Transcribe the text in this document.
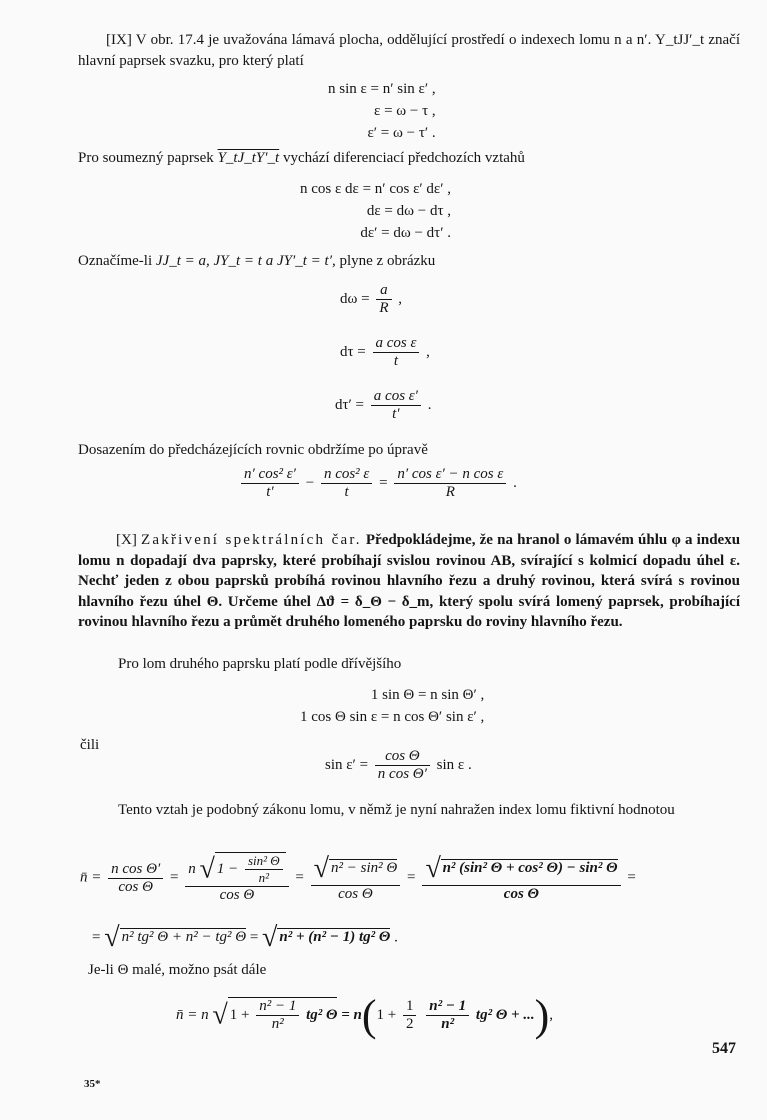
[IX] V obr. 17.4 je uvažována lámavá plocha, oddělující prostředí o indexech lomu n a n′. Y_tJJ′_t značí hlavní paprsek svazku, pro který platí
n sin ε = n′ sin ε′ ,
ε = ω − τ ,
ε′ = ω − τ′ .
Pro soumezný paprsek Y_tJ_tY′_t vychází diferenciací předchozích vztahů
n cos ε dε = n′ cos ε′ dε′ ,
dε = dω − dτ ,
dε′ = dω − dτ′ .
Označíme-li JJ_t = a, JY_t = t a JY′_t = t′, plyne z obrázku
$d\omega = \frac{a}{R}$ ,
$d\tau = \frac{\text{a cos ε}}{t}$ ,
$d\tau' = \frac{\text{a cos ε′}}{t'}$ .
Dosazením do předcházejících rovnic obdržíme po úpravě
$\frac{\text{n′ cos² ε′}}{t'} - \frac{\text{n cos² ε}}{t} = \frac{\text{n′ cos ε′ − n cos ε}}{R}$ .
[X] Zakřivení spektrálních čar. Předpokládejme, že na hranol o lámavém úhlu φ a indexu lomu n dopadají dva paprsky, které probíhají svislou rovinou AB, svírající s kolmicí dopadu úhel ε. Nechť jeden z obou paprsků probíhá rovinou hlavního řezu a druhý rovinou, která svírá s rovinou hlavního řezu úhel Θ. Určeme úhel Δϑ = δ_Θ − δ_m, který spolu svírá lomený paprsek, probíhající rovinou hlavního řezu a průmět druhého lomeného paprsku do roviny hlavního řezu.
Pro lom druhého paprsku platí podle dřívějšího
1 sin Θ = n sin Θ′ ,
1 cos Θ sin ε = n cos Θ′ sin ε′ ,
čili
$\sin \varepsilon' = \frac{\text{cos Θ}}{\text{n cos Θ′}}$ sin ε .
Tento vztah je podobný zákonu lomu, v němž je nyní nahražen index lomu fiktivní hodnotou
n̄ = $\frac{\text{n cos Θ′}}{\text{cos Θ}} = \frac{n √ 1 - \frac{\text{sin² Θ}}{\text{n²}}}{\text{cos Θ}} = \frac{\text{√ n² − sin² Θ}}{\text{cos Θ}} = \frac{\text{√ n² (sin² Θ + cos² Θ) − sin² Θ}}{\text{cos Θ}}$ =
= √ n² tg² Θ + n² − tg² Θ = √ n² + (n² − 1) tg² Θ .
Je-li Θ malé, možno psát dále
n̄ = n √ $1 + \frac{\text{n² − 1}}{\text{n²}} tg^2$ $\Theta = n(1 + \frac{1}{2}$
$\frac{\text{n² − 1}}{\text{n²}} tg^2$ Θ + ...),
35*
547
